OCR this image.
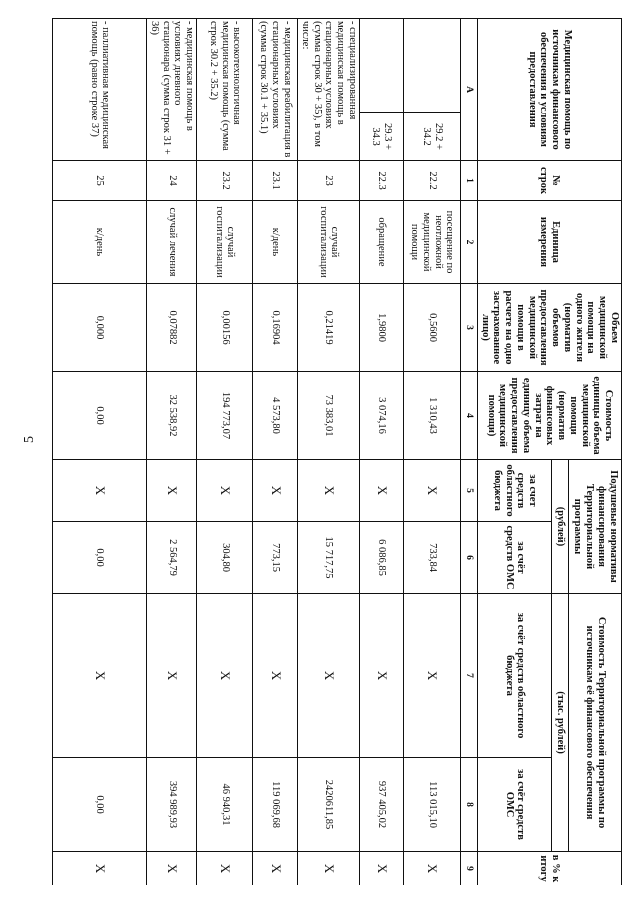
5
Медицинская помощь по источникам финансового обеспечения и условиям предоставления		№ строк	Единица измерения	Объем медицинской помощи на одного жителя (норматив объемов предоставления медицинской помощи в расчете на одно застрахованное лицо)	Стоимость единицы объема медицинской помощи (норматив финансовых затрат на единицу объема предоставления медицинской помощи)	Подушевые нормативы финансирования Территориальной программы		Стоимость Территориальной программы по источникам её финансового обеспечения		в % к итогу
						(рублей)		(тыс. рублей)		
						за счет средств областного бюджета	за счёт средств ОМС	за счёт средств областного бюджета	за счёт средств ОМС	
А		1	2	3	4	5	6	7	8	9
	29.2 + 34.2	22.2	посещение по неотложной медицинской помощи	0,5600	1 310,43	Х	733,84	Х	113 015,10	Х
	29.3 + 34.3	22.3	обращение	1,9800	3 074,16	Х	6 086,85	Х	937 405,02	Х
- специализированная медицинская помощь в стационарных условиях (сумма строк 30 + 35), в том числе:		23	случай госпитализации	0,21419	73 383,01	Х	15 717,75	Х	2420611,85	Х
- медицинская реабилитация в стационарных условиях (сумма строк 30.1 + 35.1)		23.1	к/день	0,16904	4 573,80	Х	773,15	Х	119 069,68	Х
- высокотехнологичная медицинская помощь (сумма строк 30.2 + 35.2)		23.2	случай госпитализации	0,00156	194 773,07	Х	304,80	Х	46 940,31	Х
- медицинская помощь в условиях дневного стационара (сумма строк 31 + 36)		24	случай лечения	0,07882	32 538,92	Х	2 564,79	Х	394 989,93	Х
- паллиативная медицинская помощь (равно строке 37)		25	к/день	0,000	0,00	Х	0,00	Х	0,00	Х
